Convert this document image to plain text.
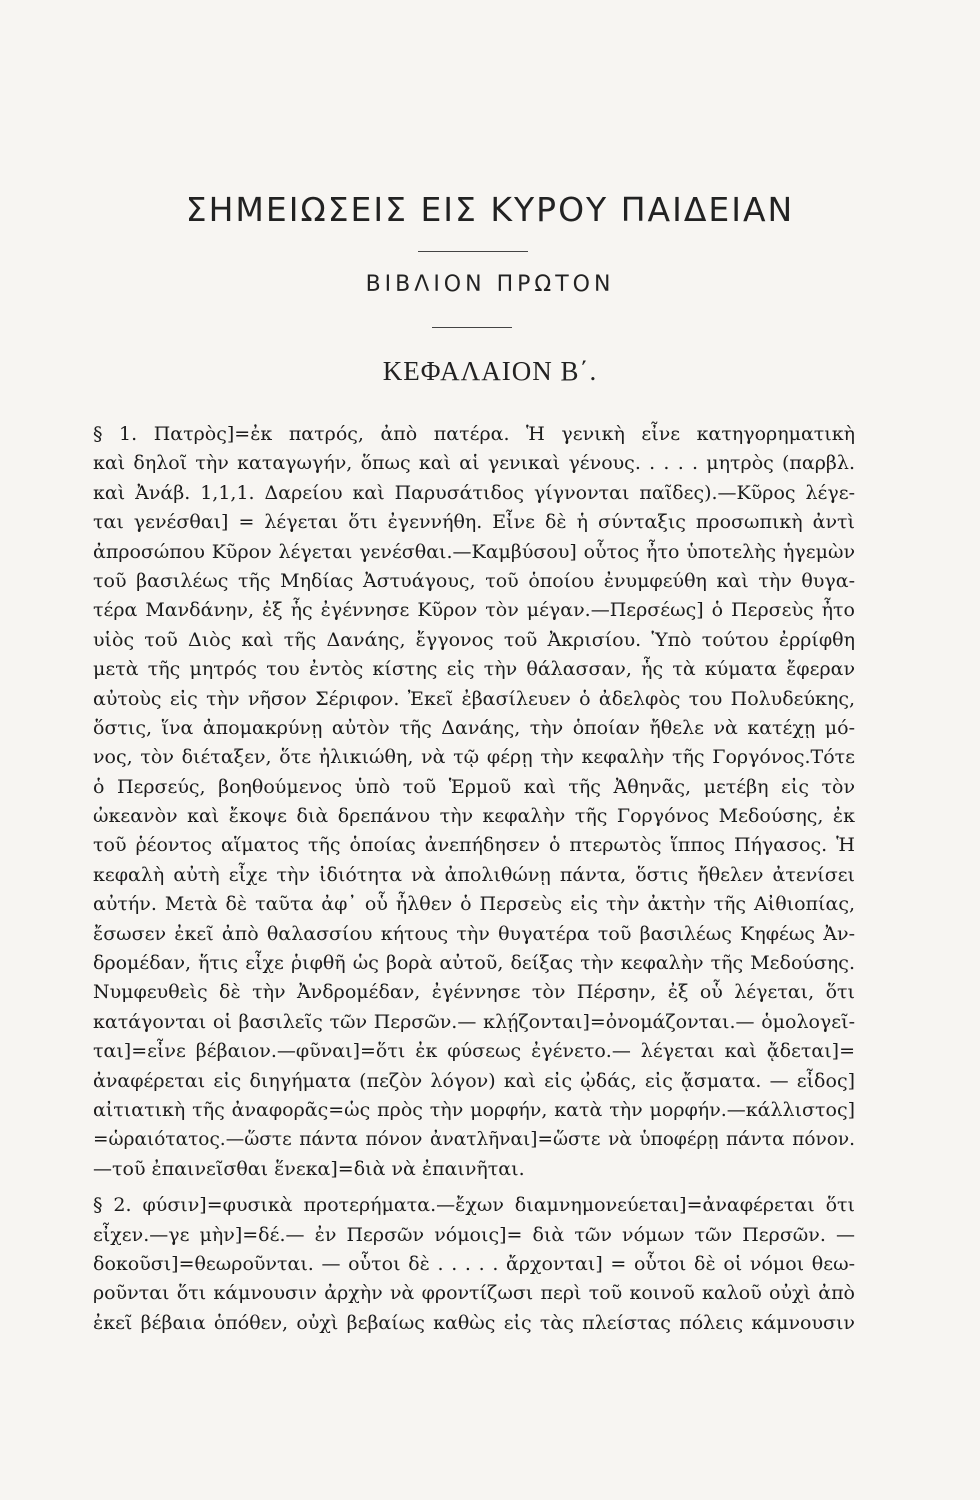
ΣΗΜΕΙΩΣΕΙΣ ΕΙΣ ΚΥΡΟΥ ΠΑΙΔΕΙΑΝ
ΒΙΒΛΙΟΝ ΠΡΩΤΟΝ
ΚΕΦΑΛΑΙΟΝ Β΄.
§ 1. Πατρὸς]=ἐκ πατρός, ἀπὸ πατέρα. Ἡ γενικὴ εἶνε κατηγορηματικὴ
καὶ δηλοῖ τὴν καταγωγήν, ὅπως καὶ αἱ γενικαὶ γένους. . . . . μητρὸς (παρβλ.
καὶ Ἀνάβ. 1,1,1. Δαρείου καὶ Παρυσάτιδος γίγνονται παῖδες).—Κῦρος λέγε-
ται γενέσθαι] = λέγεται ὅτι ἐγεννήθη. Εἶνε δὲ ἡ σύνταξις προσωπικὴ ἀντὶ
ἀπροσώπου Κῦρον λέγεται γενέσθαι.—Καμβύσου] οὗτος ἦτο ὑποτελὴς ἡγεμὼν
τοῦ βασιλέως τῆς Μηδίας Ἀστυάγους, τοῦ ὁποίου ἐνυμφεύθη καὶ τὴν θυγα-
τέρα Μανδάνην, ἐξ ἧς ἐγέννησε Κῦρον τὸν μέγαν.—Περσέως] ὁ Περσεὺς ἦτο
υἱὸς τοῦ Διὸς καὶ τῆς Δανάης, ἔγγονος τοῦ Ἀκρισίου. Ὑπὸ τούτου ἐρρίφθη
μετὰ τῆς μητρός του ἐντὸς κίστης εἰς τὴν θάλασσαν, ἧς τὰ κύματα ἔφεραν
αὐτοὺς εἰς τὴν νῆσον Σέριφον. Ἐκεῖ ἐβασίλευεν ὁ ἀδελφὸς του Πολυδεύκης,
ὅστις, ἵνα ἀπομακρύνῃ αὐτὸν τῆς Δανάης, τὴν ὁποίαν ἤθελε νὰ κατέχῃ μό-
νος, τὸν διέταξεν, ὅτε ἠλικιώθη, νὰ τῷ φέρῃ τὴν κεφαλὴν τῆς Γοργόνος.Τότε
ὁ Περσεύς, βοηθούμενος ὑπὸ τοῦ Ἑρμοῦ καὶ τῆς Ἀθηνᾶς, μετέβη εἰς τὸν
ὠκεανὸν καὶ ἔκοψε διὰ δρεπάνου τὴν κεφαλὴν τῆς Γοργόνος Μεδούσης, ἐκ
τοῦ ῥέοντος αἵματος τῆς ὁποίας ἀνεπήδησεν ὁ πτερωτὸς ἵππος Πήγασος. Ἡ
κεφαλὴ αὐτὴ εἶχε τὴν ἰδιότητα νὰ ἀπολιθώνῃ πάντα, ὅστις ἤθελεν ἀτενίσει
αὐτήν. Μετὰ δὲ ταῦτα ἀφ᾿ οὗ ἦλθεν ὁ Περσεὺς εἰς τὴν ἀκτὴν τῆς Αἰθιοπίας,
ἔσωσεν ἐκεῖ ἀπὸ θαλασσίου κήτους τὴν θυγατέρα τοῦ βασιλέως Κηφέως Ἀν-
δρομέδαν, ἥτις εἶχε ῥιφθῆ ὡς βορὰ αὐτοῦ, δείξας τὴν κεφαλὴν τῆς Μεδούσης.
Νυμφευθεὶς δὲ τὴν Ἀνδρομέδαν, ἐγέννησε τὸν Πέρσην, ἐξ οὗ λέγεται, ὅτι
κατάγονται οἱ βασιλεῖς τῶν Περσῶν.— κλῄζονται]=ὀνομάζονται.— ὁμολογεῖ-
ται]=εἶνε βέβαιον.—φῦναι]=ὅτι ἐκ φύσεως ἐγένετο.— λέγεται καὶ ᾄδεται]=
ἀναφέρεται εἰς διηγήματα (πεζὸν λόγον) καὶ εἰς ᾠδάς, εἰς ᾄσματα. — εἶδος]
αἰτιατικὴ τῆς ἀναφορᾶς=ὡς πρὸς τὴν μορφήν, κατὰ τὴν μορφήν.—κάλλιστος]
=ὡραιότατος.—ὥστε πάντα πόνον ἀνατλῆναι]=ὥστε νὰ ὑποφέρῃ πάντα πόνον.
—τοῦ ἐπαινεῖσθαι ἕνεκα]=διὰ νὰ ἐπαινῆται.
§ 2. φύσιν]=φυσικὰ προτερήματα.—ἔχων διαμνημονεύεται]=ἀναφέρεται ὅτι
εἶχεν.—γε μὴν]=δέ.— ἐν Περσῶν νόμοις]= διὰ τῶν νόμων τῶν Περσῶν. —
δοκοῦσι]=θεωροῦνται. — οὗτοι δὲ . . . . . ἄρχονται] = οὗτοι δὲ οἱ νόμοι θεω-
ροῦνται ὅτι κάμνουσιν ἀρχὴν νὰ φροντίζωσι περὶ τοῦ κοινοῦ καλοῦ οὐχὶ ἀπὸ
ἐκεῖ βέβαια ὁπόθεν, οὐχὶ βεβαίως καθὼς εἰς τὰς πλείστας πόλεις κάμνουσιν
